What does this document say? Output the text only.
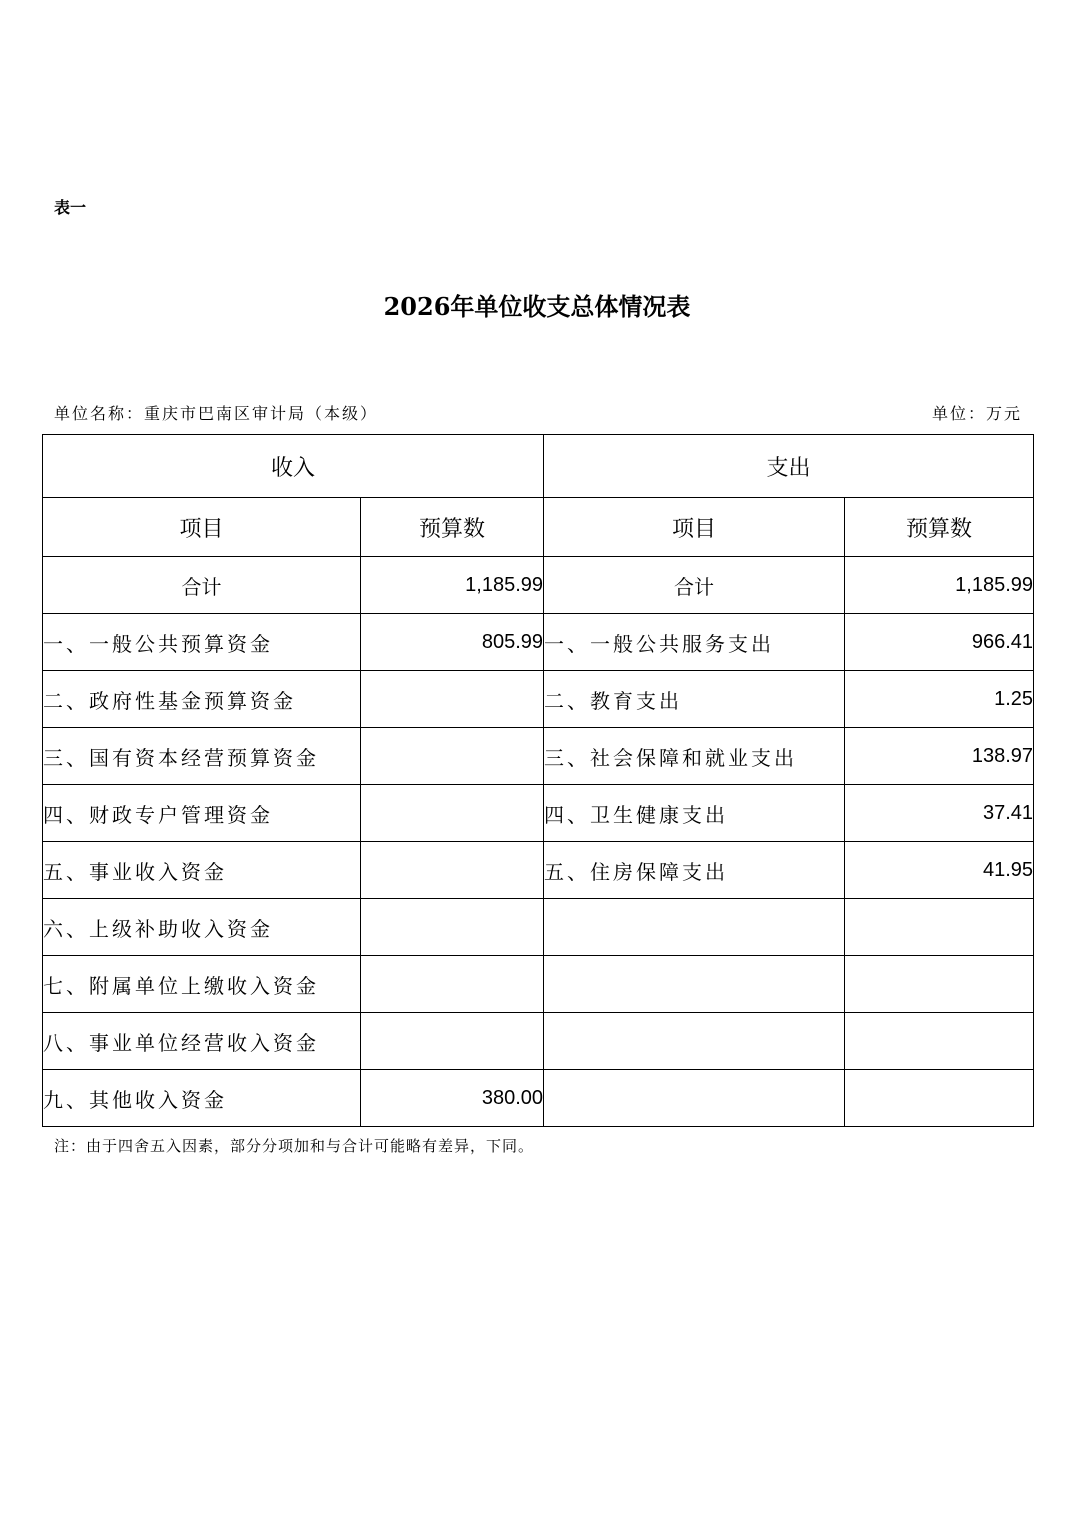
表一
2026年单位收支总体情况表
单位名称：重庆市巴南区审计局（本级）	单位：万元
收入		支出	
项目	预算数	项目	预算数
合计	1,185.99	合计	1,185.99
一、一般公共预算资金	805.99	一、一般公共服务支出	966.41
二、政府性基金预算资金		二、教育支出	1.25
三、国有资本经营预算资金		三、社会保障和就业支出	138.97
四、财政专户管理资金		四、卫生健康支出	37.41
五、事业收入资金		五、住房保障支出	41.95
六、上级补助收入资金			
七、附属单位上缴收入资金			
八、事业单位经营收入资金			
九、其他收入资金	380.00		
注：由于四舍五入因素，部分分项加和与合计可能略有差异，下同。
